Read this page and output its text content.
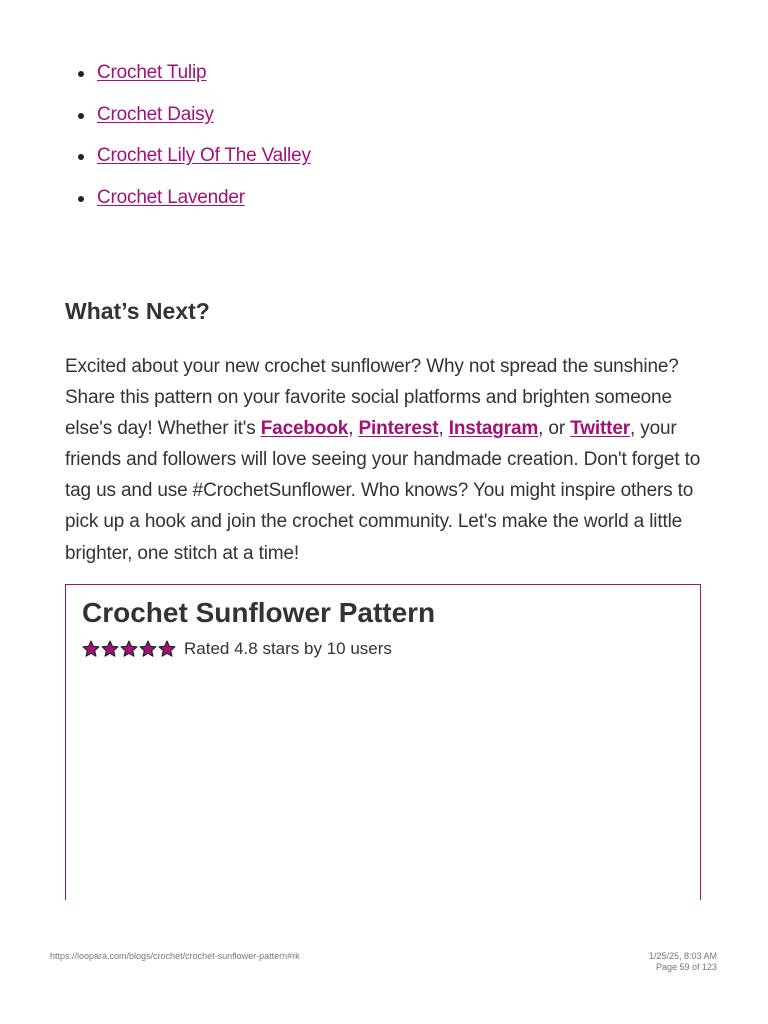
Crochet Tulip
Crochet Daisy
Crochet Lily Of The Valley
Crochet Lavender
What’s Next?

Excited about your new crochet sunflower? Why not spread the sunshine? Share this pattern on your favorite social platforms and brighten someone else's day! Whether it's Facebook, Pinterest, Instagram, or Twitter, your friends and followers will love seeing your handmade creation. Don't forget to tag us and use #CrochetSunflower. Who knows? You might inspire others to pick up a hook and join the crochet community. Let's make the world a little brighter, one stitch at a time!

Crochet Sunflower Pattern
Rated 4.8 stars by 10 users
https://loopara.com/blogs/crochet/crochet-sunflower-pattern#rk	1/25/25, 8:03 AM
Page 59 of 123
